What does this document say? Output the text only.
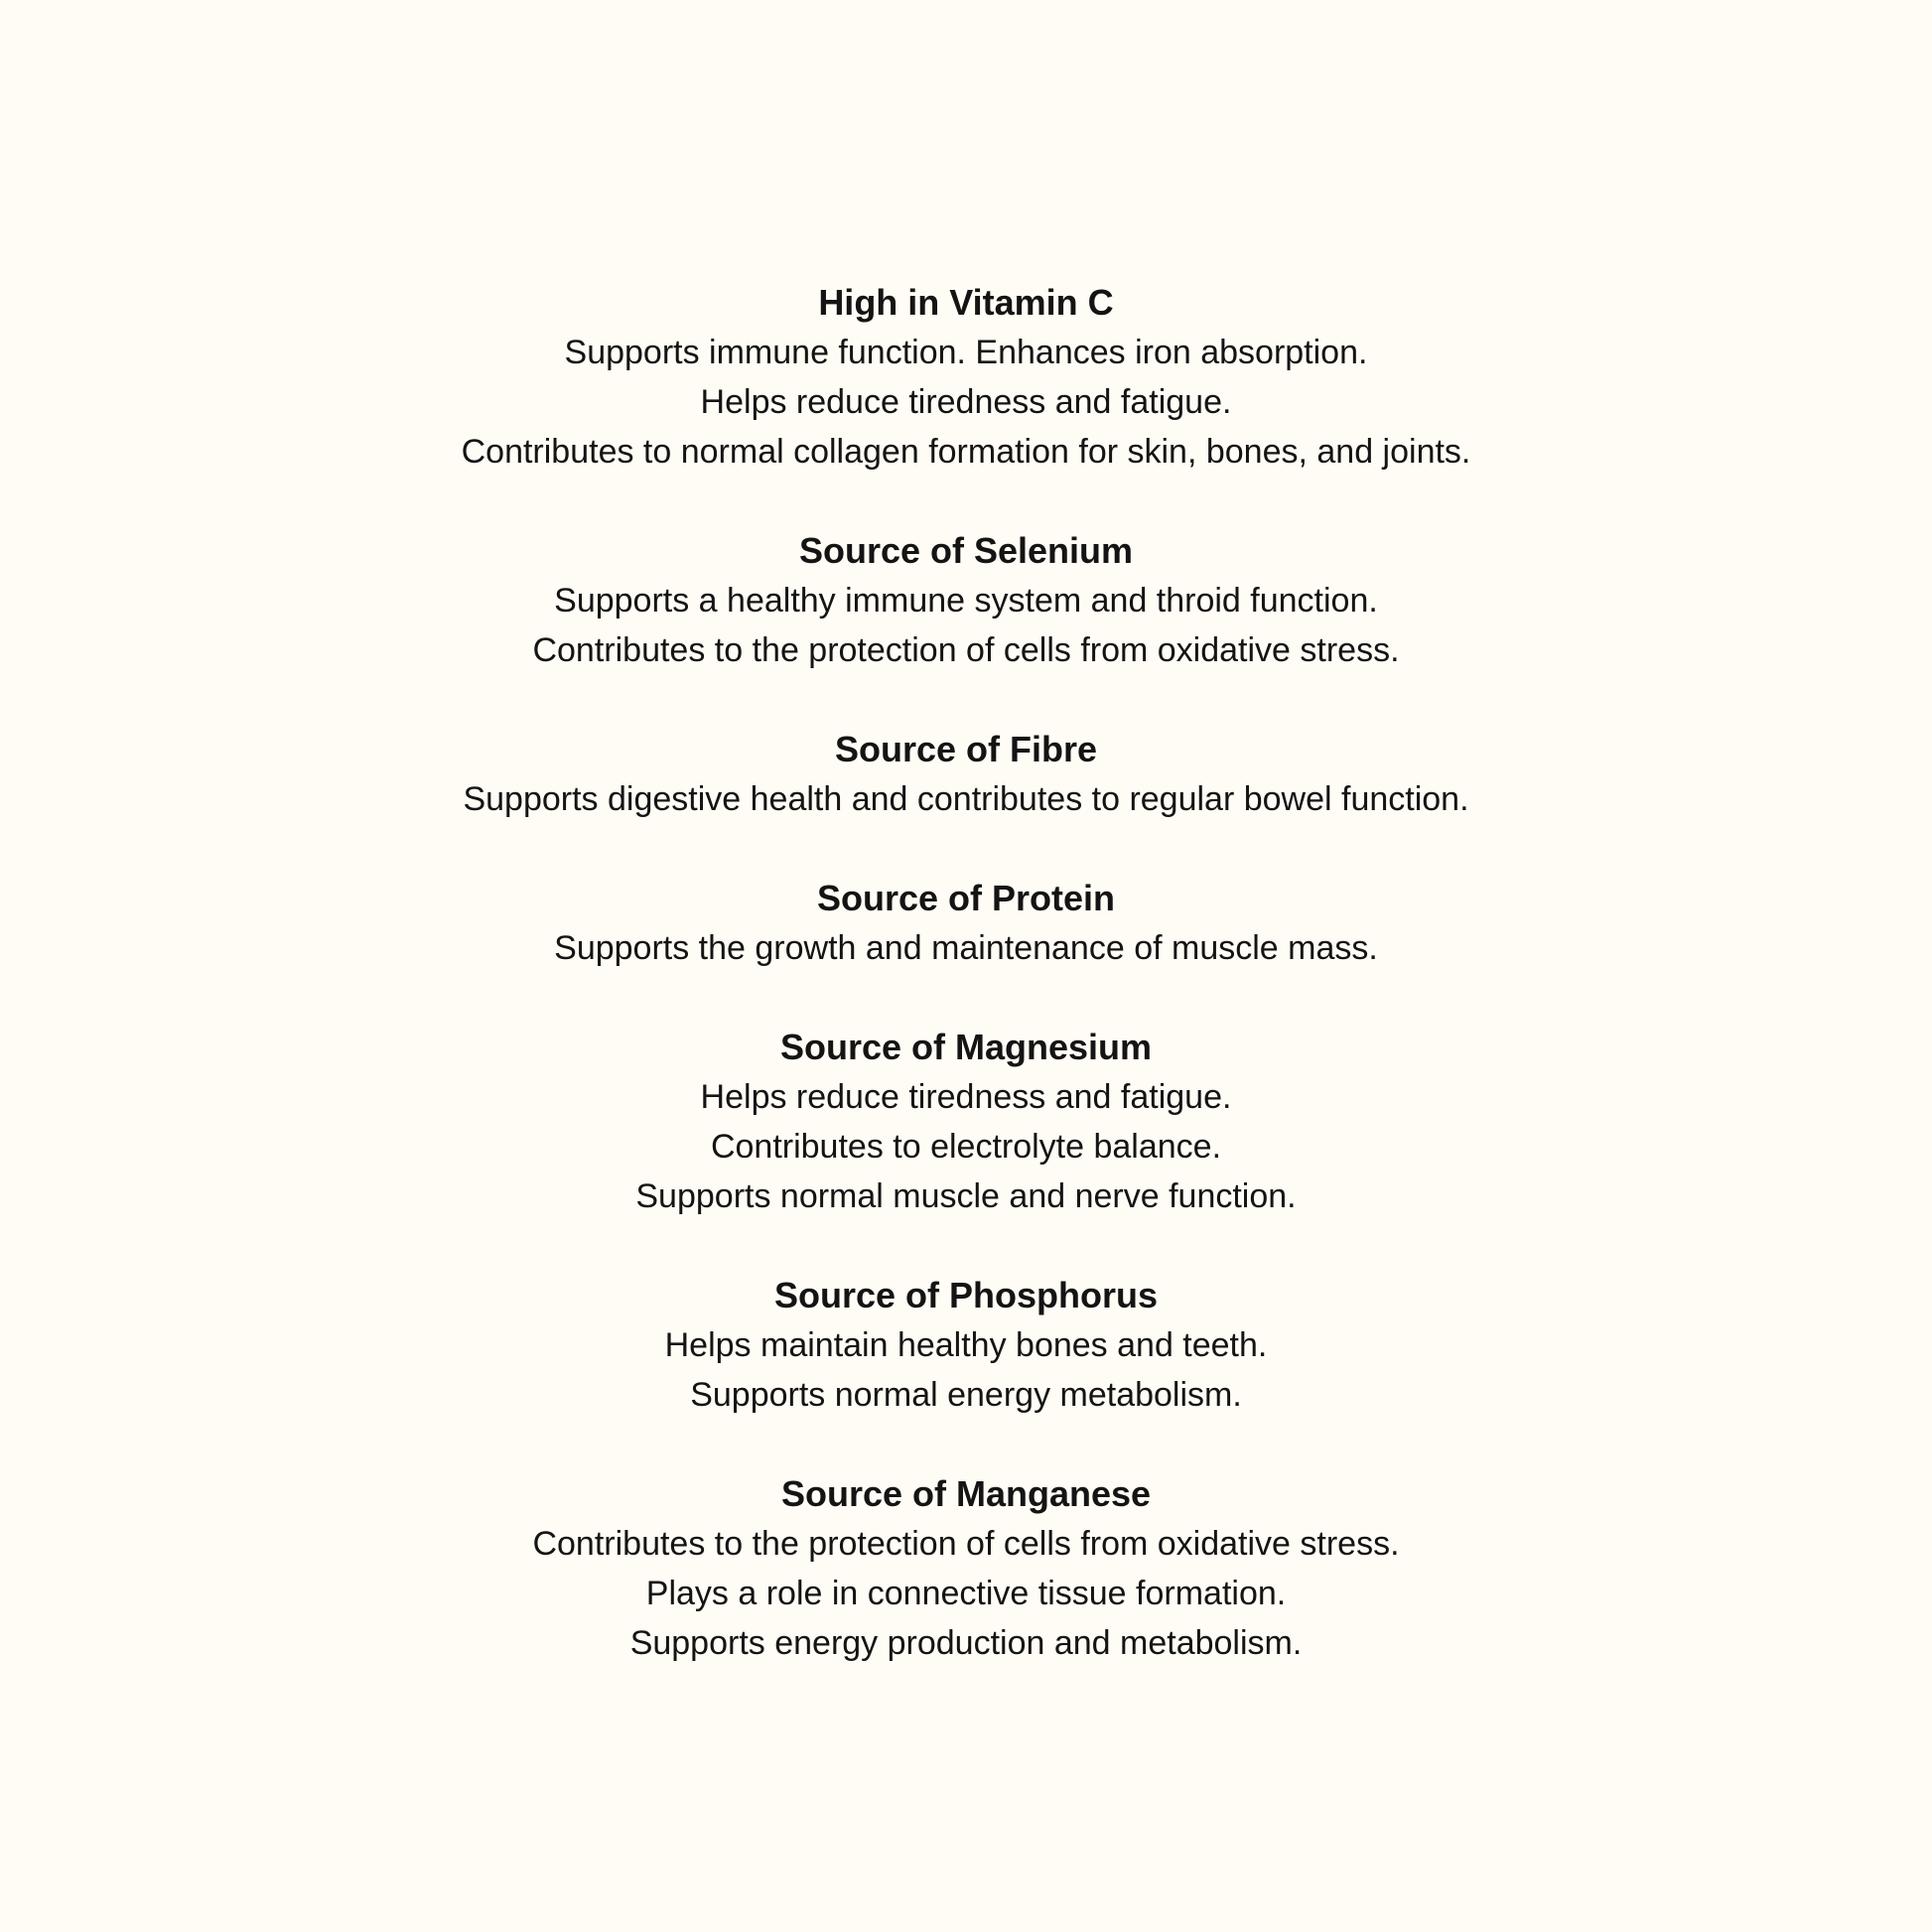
High in Vitamin C

Supports immune function. Enhances iron absorption.

Helps reduce tiredness and fatigue.

Contributes to normal collagen formation for skin, bones, and joints.

Source of Selenium

Supports a healthy immune system and throid function.

Contributes to the protection of cells from oxidative stress.

Source of Fibre

Supports digestive health and contributes to regular bowel function.

Source of Protein

Supports the growth and maintenance of muscle mass.

Source of Magnesium

Helps reduce tiredness and fatigue.

Contributes to electrolyte balance.

Supports normal muscle and nerve function.

Source of Phosphorus

Helps maintain healthy bones and teeth.

Supports normal energy metabolism.

Source of Manganese

Contributes to the protection of cells from oxidative stress.

Plays a role in connective tissue formation.

Supports energy production and metabolism.
